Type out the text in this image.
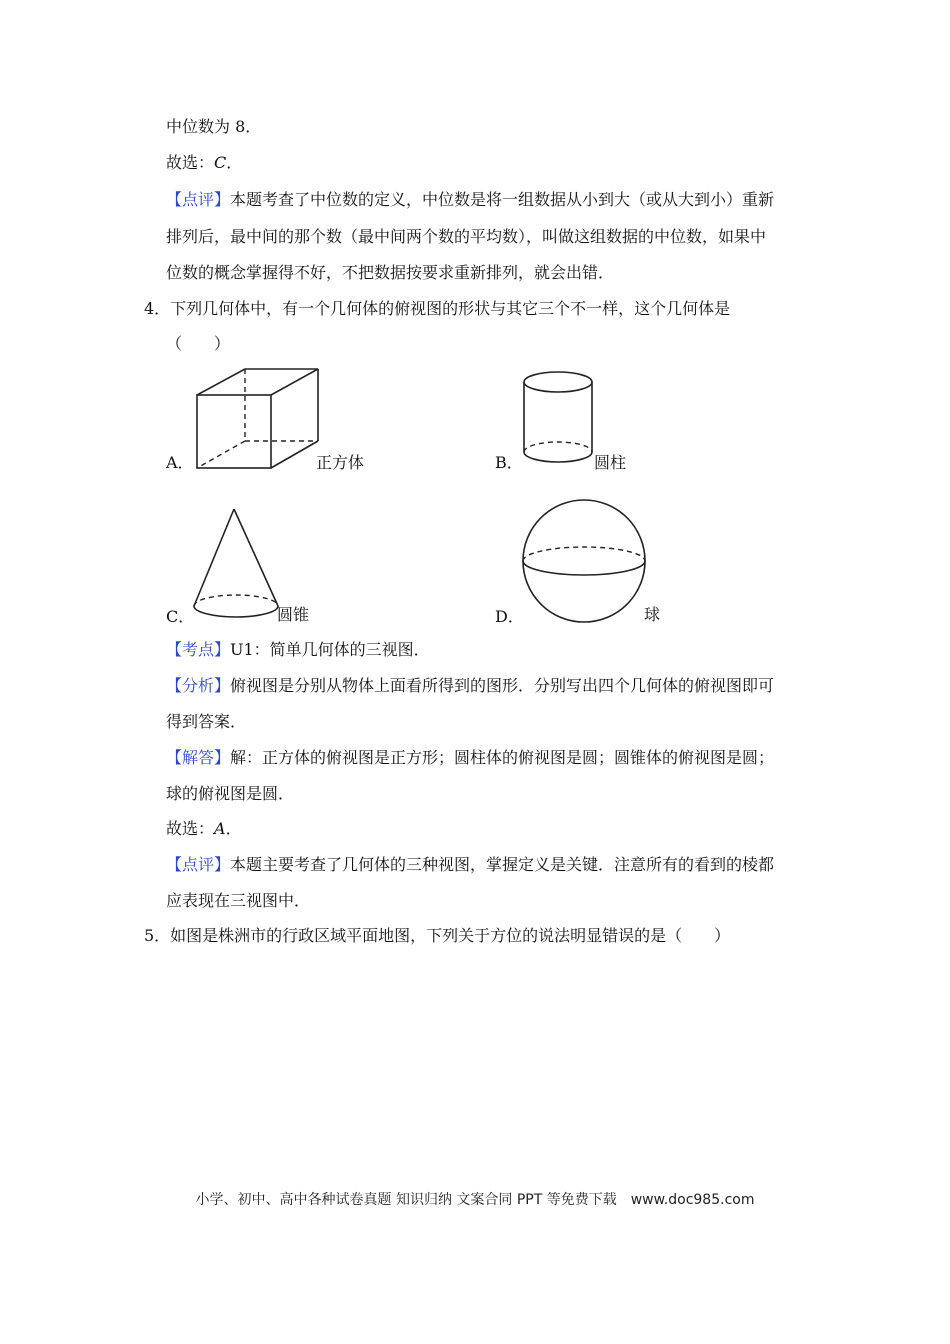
中位数为 8．
故选：C．
【点评】本题考查了中位数的定义，中位数是将一组数据从小到大（或从大到小）重新
排列后，最中间的那个数（最中间两个数的平均数），叫做这组数据的中位数，如果中
位数的概念掌握得不好，不把数据按要求重新排列，就会出错．
4．下列几何体中，有一个几何体的俯视图的形状与其它三个不一样，这个几何体是
（　　）
A．	正方体	B．	圆柱
C．	圆锥	D．	球
【考点】U1：简单几何体的三视图．
【分析】俯视图是分别从物体上面看所得到的图形．分别写出四个几何体的俯视图即可
得到答案．
【解答】解：正方体的俯视图是正方形；圆柱体的俯视图是圆；圆锥体的俯视图是圆；
球的俯视图是圆．
故选：A．
【点评】本题主要考查了几何体的三种视图，掌握定义是关键．注意所有的看到的棱都
应表现在三视图中．
5．如图是株洲市的行政区域平面地图，下列关于方位的说法明显错误的是（　　）
小学、初中、高中各种试卷真题 知识归纳 文案合同 PPT 等免费下载　www.doc985.com
